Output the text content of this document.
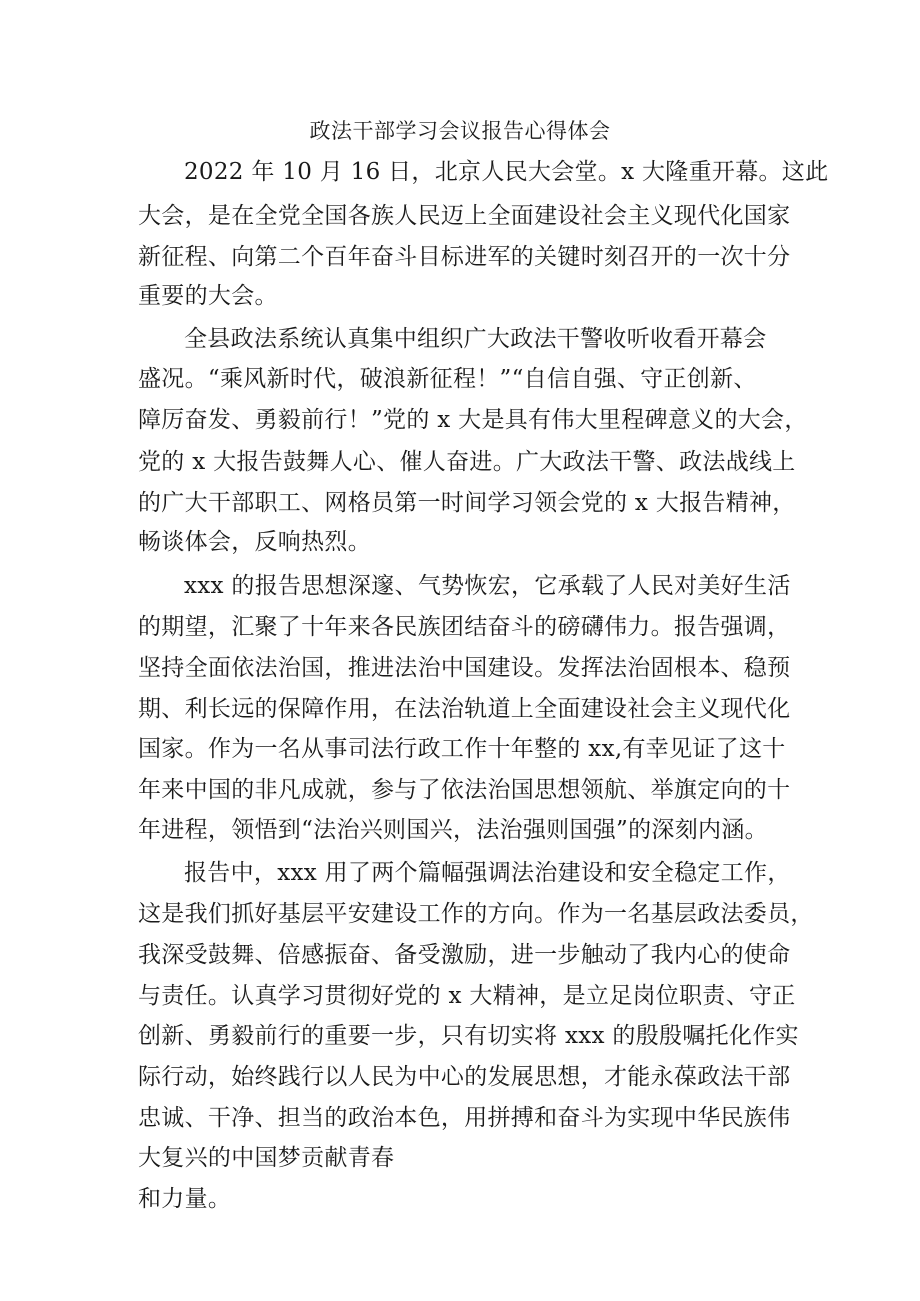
政法干部学习会议报告心得体会
2022 年 10 月 16 日，北京人民大会堂。x 大隆重开幕。这此
大会，是在全党全国各族人民迈上全面建设社会主义现代化国家
新征程、向第二个百年奋斗目标进军的关键时刻召开的一次十分
重要的大会。
全县政法系统认真集中组织广大政法干警收听收看开幕会
盛况。“乘风新时代，破浪新征程！”“自信自强、守正创新、
障厉奋发、勇毅前行！”党的 x 大是具有伟大里程碑意义的大会，
党的 x 大报告鼓舞人心、催人奋进。广大政法干警、政法战线上
的广大干部职工、网格员第一时间学习领会党的 x 大报告精神，
畅谈体会，反响热烈。
xxx 的报告思想深邃、气势恢宏，它承载了人民对美好生活
的期望，汇聚了十年来各民族团结奋斗的磅礴伟力。报告强调，
坚持全面依法治国，推进法治中国建设。发挥法治固根本、稳预
期、利长远的保障作用，在法治轨道上全面建设社会主义现代化
国家。作为一名从事司法行政工作十年整的 xx,有幸见证了这十
年来中国的非凡成就，参与了依法治国思想领航、举旗定向的十
年进程，领悟到“法治兴则国兴，法治强则国强”的深刻内涵。
报告中，xxx 用了两个篇幅强调法治建设和安全稳定工作，
这是我们抓好基层平安建设工作的方向。作为一名基层政法委员，
我深受鼓舞、倍感振奋、备受激励，进一步触动了我内心的使命
与责任。认真学习贯彻好党的 x 大精神，是立足岗位职责、守正
创新、勇毅前行的重要一步，只有切实将 xxx 的殷殷嘱托化作实
际行动，始终践行以人民为中心的发展思想，才能永葆政法干部
忠诚、干净、担当的政治本色，用拼搏和奋斗为实现中华民族伟
大复兴的中国梦贡献青春
和力量。
